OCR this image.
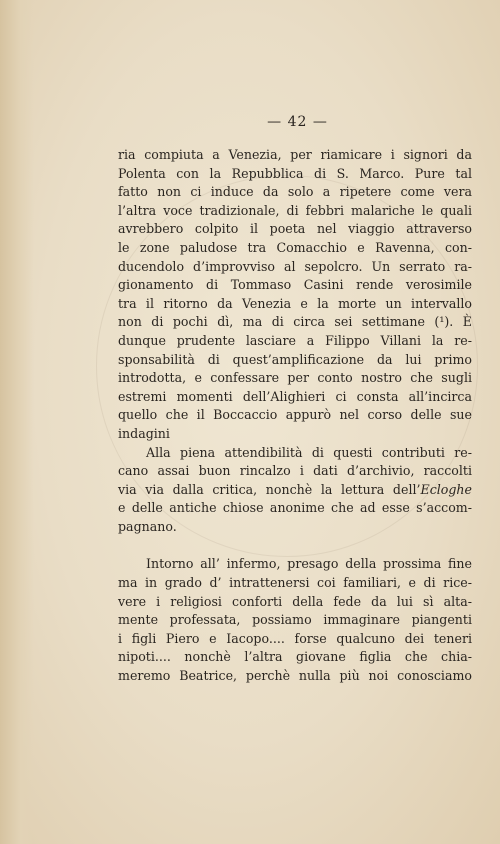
— 42 —
ria compiuta a Venezia, per riamicare i signori da
Polenta con la Repubblica di S. Marco. Pure tal
fatto non ci induce da solo a ripetere come vera
l’altra voce tradizionale, di febbri malariche le quali
avrebbero colpito il poeta nel viaggio attraverso
le zone paludose tra Comacchio e Ravenna, con-
ducendolo d’improvviso al sepolcro. Un serrato ra-
gionamento di Tommaso Casini rende verosimile
tra il ritorno da Venezia e la morte un intervallo
non di pochi dì, ma di circa sei settimane (¹). È
dunque prudente lasciare a Filippo Villani la re-
sponsabilità di quest’amplificazione da lui primo
introdotta, e confessare per conto nostro che sugli
estremi momenti dell’Alighieri ci consta all’incirca
quello che il Boccaccio appurò nel corso delle sue
indagini
Alla piena attendibilità di questi contributi re-
cano assai buon rincalzo i dati d’archivio, raccolti
via via dalla critica, nonchè la lettura dell’Ecloghe
e delle antiche chiose anonime che ad esse s’accom-
pagnano.
Intorno all’ infermo, presago della prossima fine
ma in grado d’ intrattenersi coi familiari, e di rice-
vere i religiosi conforti della fede da lui sì alta-
mente professata, possiamo immaginare piangenti
i figli Piero e Iacopo.... forse qualcuno dei teneri
nipoti.... nonchè l’altra giovane figlia che chia-
meremo Beatrice, perchè nulla più noi conosciamo
